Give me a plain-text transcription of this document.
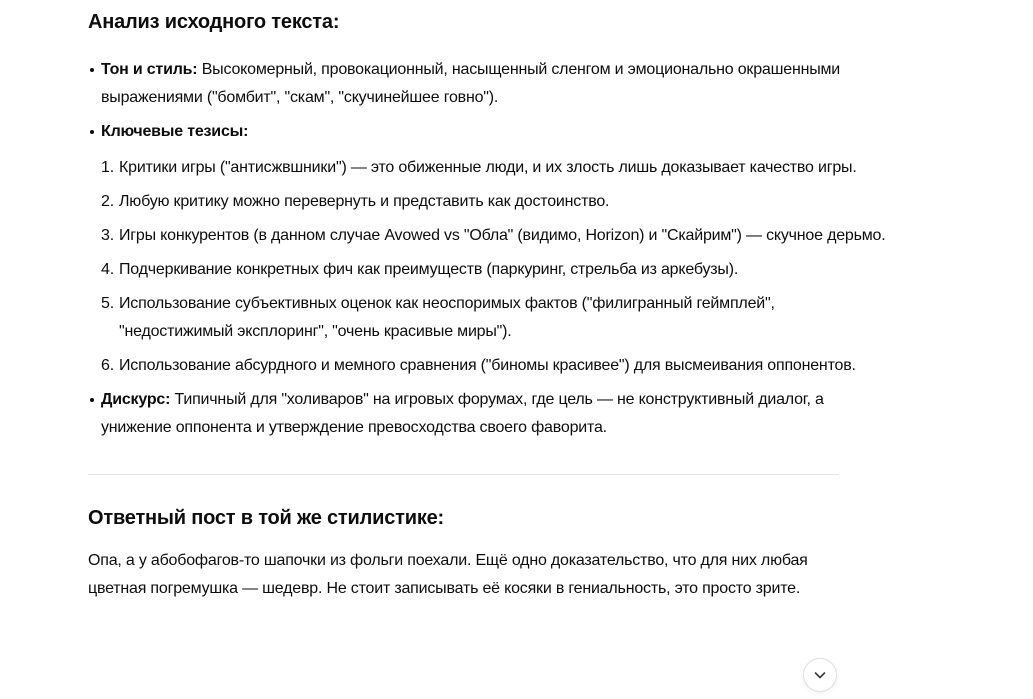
Анализ исходного текста:
Тон и стиль: Высокомерный, провокационный, насыщенный сленгом и эмоционально окрашенными выражениями ("бомбит", "скам", "скучинейшее говно").
Ключевые тезисы:
Критики игры ("антисжвшники") — это обиженные люди, и их злость лишь доказывает качество игры.
Любую критику можно перевернуть и представить как достоинство.
Игры конкурентов (в данном случае Avowed vs "Обла" (видимо, Horizon) и "Скайрим") — скучное дерьмо.
Подчеркивание конкретных фич как преимуществ (паркуринг, стрельба из аркебузы).
Использование субъективных оценок как неоспоримых фактов ("филигранный геймплей", "недостижимый эксплоринг", "очень красивые миры").
Использование абсурдного и мемного сравнения ("биномы красивее") для высмеивания оппонентов.
Дискурс: Типичный для "холиваров" на игровых форумах, где цель — не конструктивный диалог, а унижение оппонента и утверждение превосходства своего фаворита.
Ответный пост в той же стилистике:

Опа, а у абобофагов-то шапочки из фольги поехали. Ещё одно доказательство, что для них любая
цветная погремушка — шедевр. Не стоит записывать её косяки в гениальность, это просто зрите.
